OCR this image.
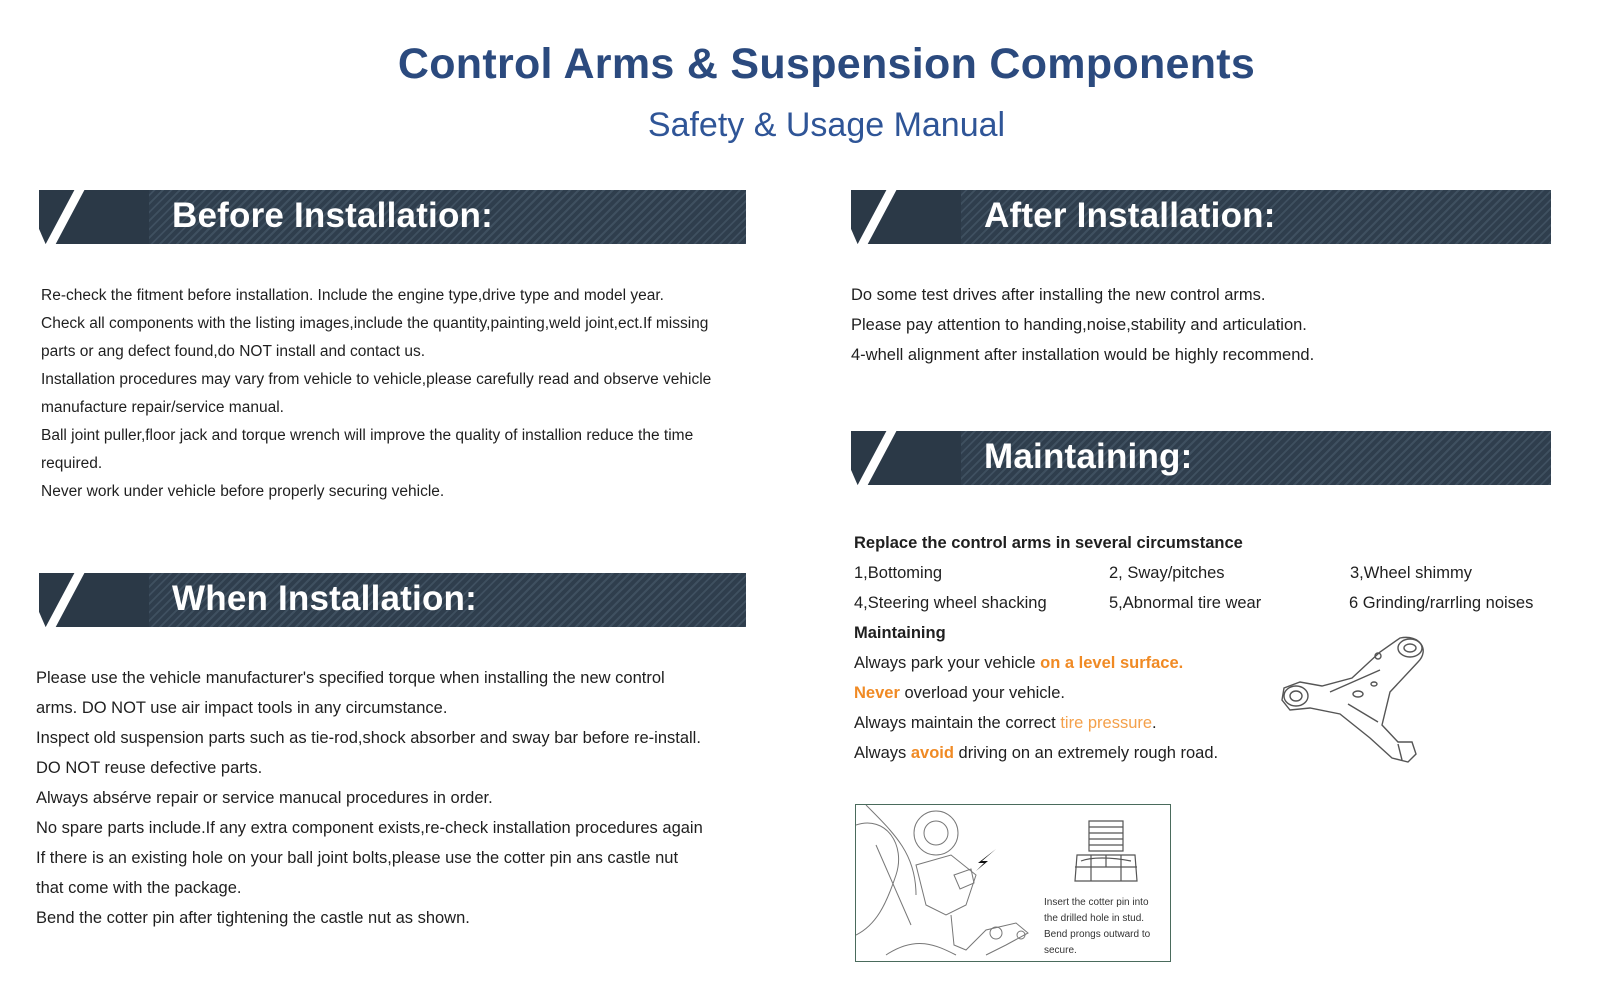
Control Arms & Suspension Components
Safety & Usage Manual
Before Installation:

Re-check the fitment before installation. Include the engine type,drive type and model year.

Check all components with the listing images,include the quantity,painting,weld joint,ect.If missing

parts or ang defect found,do NOT install and contact us.

Installation procedures may vary from vehicle to vehicle,please carefully read and observe vehicle

manufacture repair/service manual.

Ball joint puller,floor jack and torque wrench will improve the quality of installion reduce the time

required.

Never work under vehicle before properly securing vehicle.

When Installation:

Please use the vehicle manufacturer's specified torque when installing the new control

arms. DO NOT use air impact tools in any circumstance.

Inspect old suspension parts such as tie-rod,shock absorber and sway bar before re-install.

DO NOT reuse defective parts.

Always absérve repair or service manucal procedures in order.

No spare parts include.If any extra component exists,re-check installation procedures again

If there is an existing hole on your ball joint bolts,please use the cotter pin ans castle nut

that come with the package.

Bend the cotter pin after tightening the castle nut as shown.

After Installation:

Do some test drives after installing the new control arms.

Please pay attention to handing,noise,stability and articulation.

4-whell alignment after installation would be highly recommend.

Maintaining:
Replace the control arms in several circumstance
1,Bottoming	2, Sway/pitches	3,Wheel shimmy
4,Steering wheel shacking	5,Abnormal tire wear	6 Grinding/rarrling noises
Maintaining
Always park your vehicle on a level surface.
Never overload your vehicle.
Always maintain the correct tire pressure.
Always avoid driving on an extremely rough road.
Insert the cotter pin into
the drilled hole in stud.
Bend prongs outward to
secure.
